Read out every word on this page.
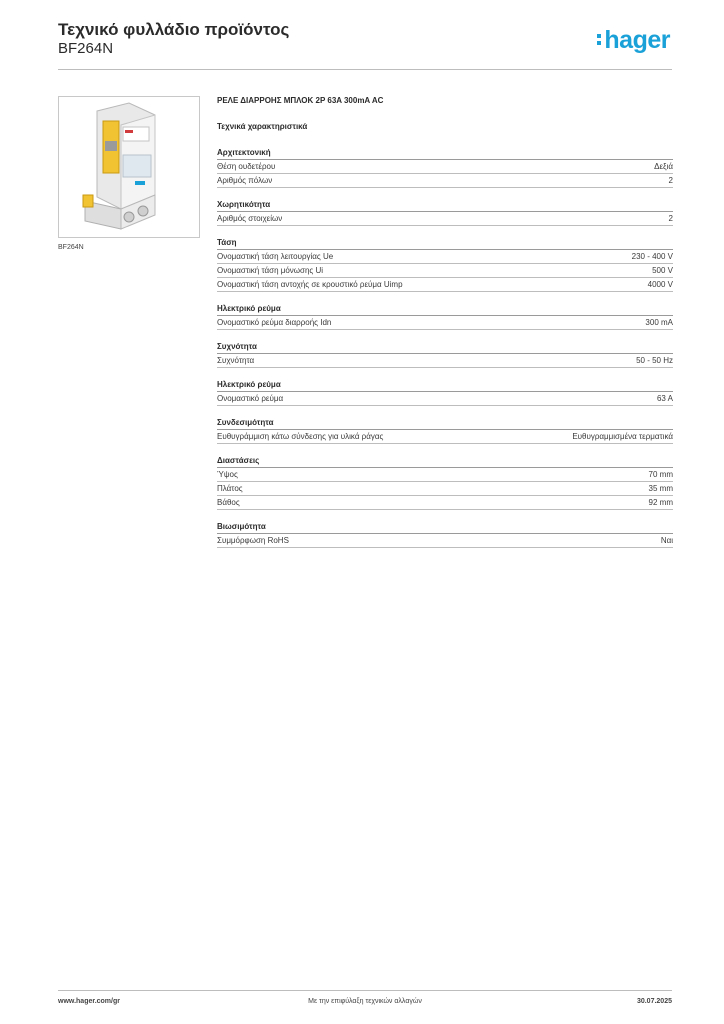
Τεχνικό φυλλάδιο προϊόντος
BF264N	hager
BF264N
ΡΕΛΕ ΔΙΑΡΡΟΗΣ ΜΠΛΟΚ 2P 63A 300mA AC
Τεχνικά χαρακτηριστικά
Αρχιτεκτονική
Θέση ουδετέρου	Δεξιά
Αριθμός πόλων	2
Χωρητικότητα
Αριθμός στοιχείων	2
Τάση
Ονομαστική τάση λειτουργίας Ue	230 - 400 V
Ονομαστική τάση μόνωσης Ui	500 V
Ονομαστική τάση αντοχής σε κρουστικό ρεύμα Uimp	4000 V
Ηλεκτρικό ρεύμα
Ονομαστικό ρεύμα διαρροής Idn	300 mA
Συχνότητα
Συχνότητα	50 - 50 Hz
Ηλεκτρικό ρεύμα
Ονομαστικό ρεύμα	63 A
Συνδεσιμότητα
Ευθυγράμμιση κάτω σύνδεσης για υλικά ράγας	Ευθυγραμμισμένα τερματικά
Διαστάσεις
Ύψος	70 mm
Πλάτος	35 mm
Βάθος	92 mm
Βιωσιμότητα
Συμμόρφωση RoHS	Ναι
www.hager.com/gr	Με την επιφύλαξη τεχνικών αλλαγών	30.07.2025
